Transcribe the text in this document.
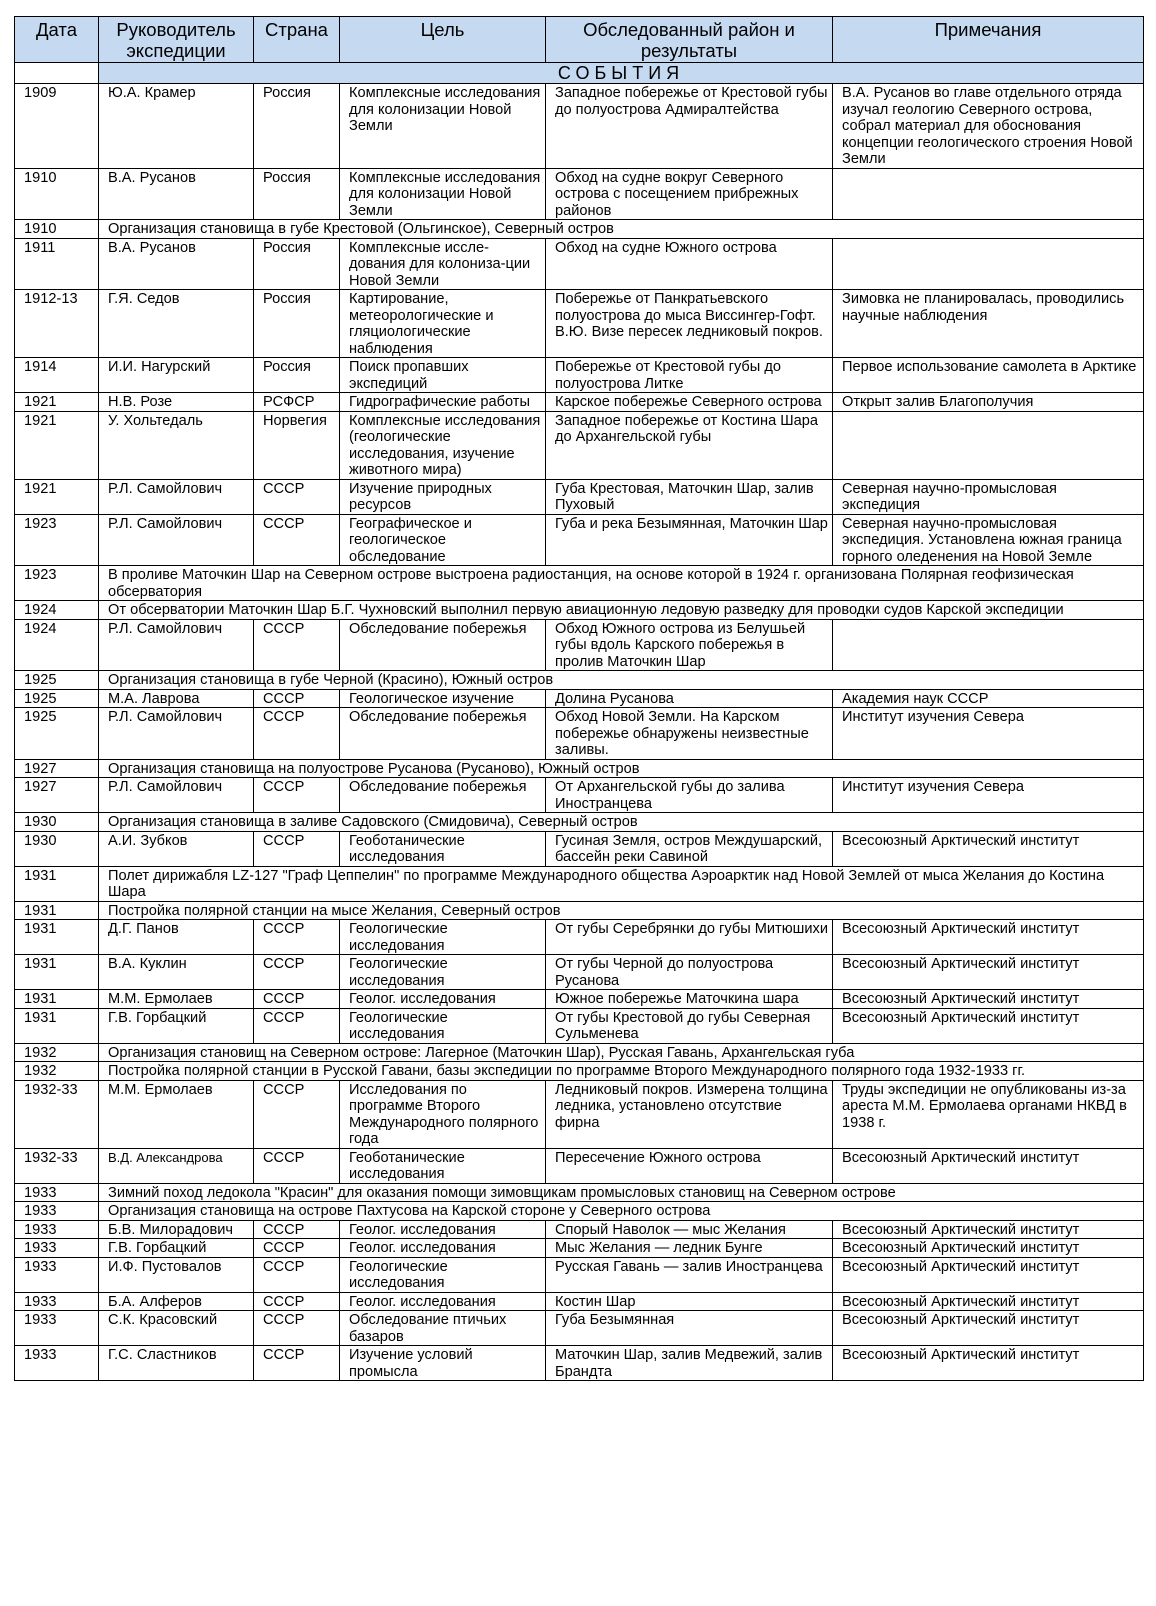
Дата	Руководитель экспедиции	Страна	Цель	Обследованный район и результаты	Примечания
	СОБЫТИЯ				
1909	Ю.А. Крамер	Россия	Комплексные исследования для колонизации Новой Земли	Западное побережье от Крестовой губы до полуострова Адмиралтейства	В.А. Русанов во главе отдельного отряда изучал геологию Северного острова, собрал материал для обоснования концепции геологического строения Новой Земли
1910	В.А. Русанов	Россия	Комплексные исследования для колонизации Новой Земли	Обход на судне вокруг Северного острова с посещением прибрежных районов	
1910	Организация становища в губе Крестовой (Ольгинское), Северный остров				
1911	В.А. Русанов	Россия	Комплексные иссле-дования для колониза-ции Новой Земли	Обход на судне Южного острова	
1912-13	Г.Я. Седов	Россия	Картирование, метеорологические и гляциологические наблюдения	Побережье от Панкратьевского полуострова до мыса Виссингер-Гофт. В.Ю. Визе пересек ледниковый покров.	Зимовка не планировалась, проводились научные наблюдения
1914	И.И. Нагурский	Россия	Поиск пропавших экспедиций	Побережье от Крестовой губы до полуострова Литке	Первое использование самолета в Арктике
1921	Н.В. Розе	РСФСР	Гидрографические работы	Карское побережье Северного острова	Открыт залив Благополучия
1921	У. Хольтедаль	Норвегия	Комплексные исследования (геологические исследования, изучение животного мира)	Западное побережье от Костина Шара до Архангельской губы	
1921	Р.Л. Самойлович	СССР	Изучение природных ресурсов	Губа Крестовая, Маточкин Шар, залив Пуховый	Северная научно-промысловая экспедиция
1923	Р.Л. Самойлович	СССР	Географическое и геологическое обследование	Губа и река Безымянная, Маточкин Шар	Северная научно-промысловая экспедиция. Установлена южная граница горного оледенения на Новой Земле
1923	В проливе Маточкин Шар на Северном острове выстроена радиостанция, на основе которой в 1924 г. организована Полярная геофизическая обсерватория				
1924	От обсерватории Маточкин Шар Б.Г. Чухновский выполнил первую авиационную ледовую разведку для проводки судов Карской экспедиции				
1924	Р.Л. Самойлович	СССР	Обследование побережья	Обход Южного острова из Белушьей губы вдоль Карского побережья в пролив Маточкин Шар	
1925	Организация становища в губе Черной (Красино), Южный остров				
1925	М.А. Лаврова	СССР	Геологическое изучение	Долина Русанова	Академия наук СССР
1925	Р.Л. Самойлович	СССР	Обследование побережья	Обход Новой Земли. На Карском побережье обнаружены неизвестные заливы.	Институт изучения Севера
1927	Организация становища на полуострове Русанова (Русаново), Южный остров				
1927	Р.Л. Самойлович	СССР	Обследование побережья	От Архангельской губы до залива Иностранцева	Институт изучения Севера
1930	Организация становища в заливе Садовского (Смидовича), Северный остров				
1930	А.И. Зубков	СССР	Геоботанические исследования	Гусиная Земля, остров Междушарский, бассейн реки Савиной	Всесоюзный Арктический институт
1931	Полет дирижабля LZ-127 "Граф Цеппелин" по программе Международного общества Аэроарктик над Новой Землей от мыса Желания до Костина Шара				
1931	Постройка полярной станции на мысе Желания, Северный остров				
1931	Д.Г. Панов	СССР	Геологические исследования	От губы Серебрянки до губы Митюшихи	Всесоюзный Арктический институт
1931	В.А. Куклин	СССР	Геологические исследования	От губы Черной до полуострова Русанова	Всесоюзный Арктический институт
1931	М.М. Ермолаев	СССР	Геолог. исследования	Южное побережье Маточкина шара	Всесоюзный Арктический институт
1931	Г.В. Горбацкий	СССР	Геологические исследования	От губы Крестовой до губы Северная Сульменева	Всесоюзный Арктический институт
1932	Организация становищ на Северном острове: Лагерное (Маточкин Шар), Русская Гавань, Архангельская губа				
1932	Постройка полярной станции в Русской Гавани, базы экспедиции по программе Второго Международного полярного года 1932-1933 гг.				
1932-33	М.М. Ермолаев	СССР	Исследования по программе Второго Международного полярного года	Ледниковый покров. Измерена толщина ледника, установлено отсутствие фирна	Труды экспедиции не опубликованы из-за ареста М.М. Ермолаева органами НКВД в 1938 г.
1932-33	В.Д. Александрова	СССР	Геоботанические исследования	Пересечение Южного острова	Всесоюзный Арктический институт
1933	Зимний поход ледокола "Красин" для оказания помощи зимовщикам промысловых становищ на Северном острове				
1933	Организация становища на острове Пахтусова на Карской стороне у Северного острова				
1933	Б.В. Милорадович	СССР	Геолог. исследования	Спорый Наволок — мыс Желания	Всесоюзный Арктический институт
1933	Г.В. Горбацкий	СССР	Геолог. исследования	Мыс Желания — ледник Бунге	Всесоюзный Арктический институт
1933	И.Ф. Пустовалов	СССР	Геологические исследования	Русская Гавань — залив Иностранцева	Всесоюзный Арктический институт
1933	Б.А. Алферов	СССР	Геолог. исследования	Костин Шар	Всесоюзный Арктический институт
1933	С.К. Красовский	СССР	Обследование птичьих базаров	Губа Безымянная	Всесоюзный Арктический институт
1933	Г.С. Сластников	СССР	Изучение условий промысла	Маточкин Шар, залив Медвежий, залив Брандта	Всесоюзный Арктический институт
